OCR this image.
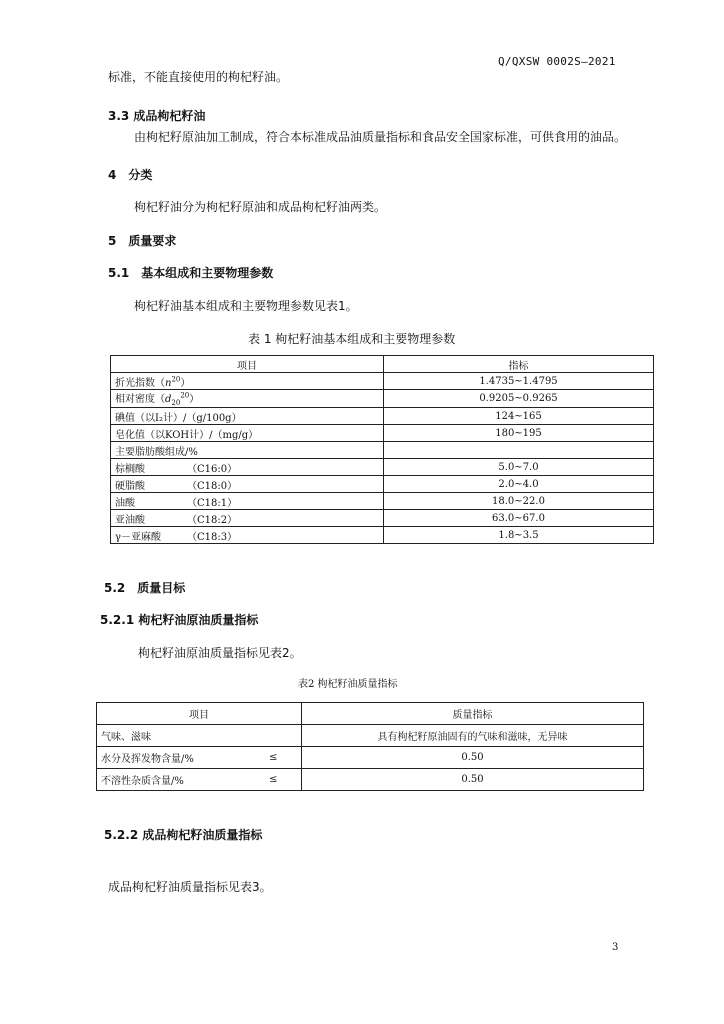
Q/QXSW 0002S—2021
标准，不能直接使用的枸杞籽油。
3.3 成品枸杞籽油
由枸杞籽原油加工制成，符合本标准成品油质量指标和食品安全国家标准，可供食用的油品。
4　分类
枸杞籽油分为枸杞籽原油和成品枸杞籽油两类。
5　质量要求
5.1　基本组成和主要物理参数
枸杞籽油基本组成和主要物理参数见表1。
表 1 枸杞籽油基本组成和主要物理参数
项目	指标
折光指数$(n^{20})$	1.4735~1.4795
相对密度$(d_{20}^{20})$	0.9205~0.9265
碘值（以I₂计）/（g/100g）	124~165
皂化值（以KOH计）/（mg/g）	180~195
主要脂肪酸组成/%	
棕榈酸 （C16:0）	5.0~7.0
硬脂酸 （C18:0）	2.0~4.0
油酸 （C18:1）	18.0~22.0
亚油酸 （C18:2）	63.0~67.0
γ－亚麻酸 （C18:3）	1.8~3.5
5.2　质量目标
5.2.1 枸杞籽油原油质量指标
枸杞籽油原油质量指标见表2。
表2 枸杞籽油质量指标
项目		质量指标
气味、滋味		具有枸杞籽原油固有的气味和滋味，无异味
水分及挥发物含量/%	≤	0.50
不溶性杂质含量/%	≤	0.50
5.2.2 成品枸杞籽油质量指标
成品枸杞籽油质量指标见表3。
3
